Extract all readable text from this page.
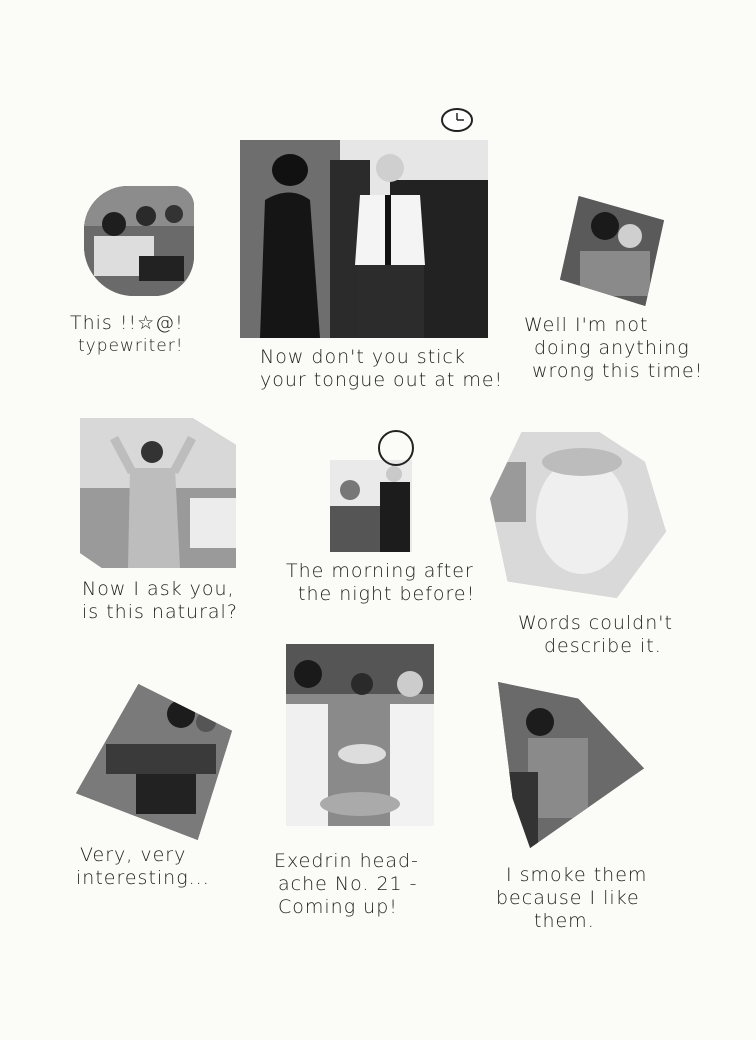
This !!☆@!
typewriter!	Now don't you stick
your tongue out at me!
Well I'm not
doing anything
wrong this time!
Now I ask you,
is this natural?
The morning after
the night before!
Words couldn't
describe it.
Very, very
interesting...
Exedrin head-
ache No. 21 -
Coming up!
I smoke them
because I like
them.
